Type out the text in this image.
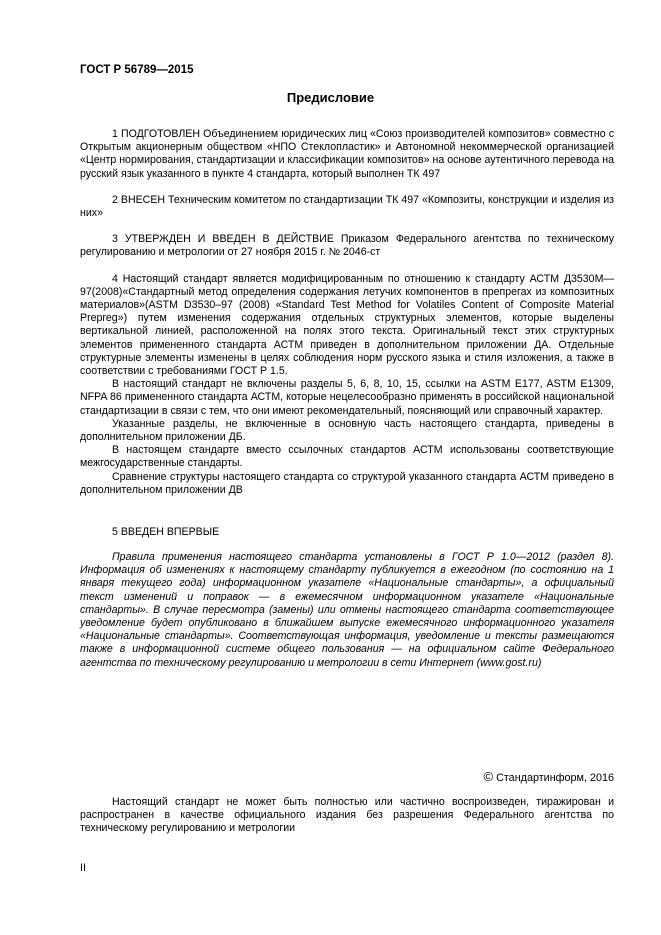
ГОСТ Р 56789—2015
Предисловие

1 ПОДГОТОВЛЕН Объединением юридических лиц «Союз производителей композитов» совместно с Открытым акционерным обществом «НПО Стеклопластик» и Автономной некоммерческой организацией «Центр нормирования, стандартизации и классификации композитов» на основе аутентичного перевода на русский язык указанного в пункте 4 стандарта, который выполнен ТК 497

2 ВНЕСЕН Техническим комитетом по стандартизации ТК 497 «Композиты, конструкции и изделия из них»

3 УТВЕРЖДЕН И ВВЕДЕН В ДЕЙСТВИЕ Приказом Федерального агентства по техническому регулированию и метрологии от 27 ноября 2015 г. № 2046-ст

4 Настоящий стандарт является модифицированным по отношению к стандарту АСТМ Д3530М—97(2008)«Стандартный метод определения содержания летучих компонентов в препрегах из композитных материалов»(ASTM D3530–97 (2008) «Standard Test Method for Volatiles Content of Composite Material Prepreg») путем изменения содержания отдельных структурных элементов, которые выделены вертикальной линией, расположенной на полях этого текста. Оригинальный текст этих структурных элементов примененного стандарта АСТМ приведен в дополнительном приложении ДА. Отдельные структурные элементы изменены в целях соблюдения норм русского языка и стиля изложения, а также в соответствии с требованиями ГОСТ Р 1.5.

В настоящий стандарт не включены разделы 5, 6, 8, 10, 15, ссылки на ASTM E177, ASTM E1309, NFPA 86 примененного стандарта АСТМ, которые нецелесообразно применять в российской национальной стандартизации в связи с тем, что они имеют рекомендательный, поясняющий или справочный характер.

Указанные разделы, не включенные в основную часть настоящего стандарта, приведены в дополнительном приложении ДБ.

В настоящем стандарте вместо ссылочных стандартов АСТМ использованы соответствующие межгосударственные стандарты.

Сравнение структуры настоящего стандарта со структурой указанного стандарта АСТМ приведено в дополнительном приложении ДВ

5 ВВЕДЕН ВПЕРВЫЕ

Правила применения настоящего стандарта установлены в ГОСТ Р 1.0—2012 (раздел 8). Информация об изменениях к настоящему стандарту публикуется в ежегодном (по состоянию на 1 января текущего года) информационном указателе «Национальные стандарты», а официальный текст изменений и поправок — в ежемесячном информационном указателе «Национальные стандарты». В случае пересмотра (замены) или отмены настоящего стандарта соответствующее уведомление будет опубликовано в ближайшем выпуске ежемесячного информационного указателя «Национальные стандарты». Соответствующая информация, уведомление и тексты размещаются также в информационной системе общего пользования — на официальном сайте Федерального агентства по техническому регулированию и метрологии в сети Интернет (www.gost.ru)
© Стандартинформ, 2016
Настоящий стандарт не может быть полностью или частично воспроизведен, тиражирован и распространен в качестве официального издания без разрешения Федерального агентства по техническому регулированию и метрологии
II
